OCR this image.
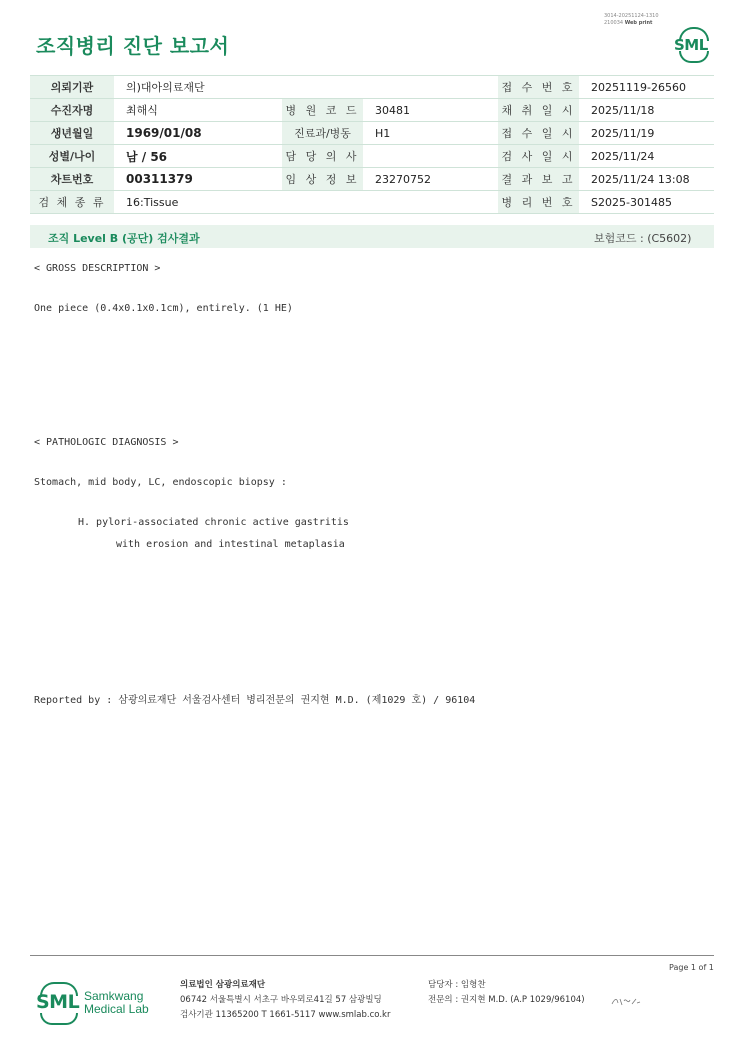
조직병리 진단 보고서
3014-20251124-1310
210034 Web print
SML
의뢰기관	의)대아의료재단			접 수 번 호	20251119-26560
수진자명	최해식	병 원 코 드	30481	채 취 일 시	2025/11/18
생년월일	1969/01/08	진료과/병동	H1	접 수 일 시	2025/11/19
성별/나이	남 / 56	담 당 의 사		검 사 일 시	2025/11/24
차트번호	00311379	임 상 정 보	23270752	결 과 보 고	2025/11/24 13:08
검 체 종 류	16:Tissue			병 리 번 호	S2025-301485
조직 Level B (공단) 검사결과	보험코드 : (C5602)
< GROSS DESCRIPTION >
One piece (0.4x0.1x0.1cm), entirely. (1 HE)
< PATHOLOGIC DIAGNOSIS >
Stomach, mid body, LC, endoscopic biopsy :
H. pylori-associated chronic active gastritis
with erosion and intestinal metaplasia
Reported by : 삼광의료재단 서울검사센터 병리전문의 권지현 M.D. (제1029 호) / 96104
Page 1 of 1
SML Samkwang
Medical Lab
의료법인 삼광의료재단
06742 서울특별시 서초구 바우뫼로41길 57 삼광빌딩
검사기관 11365200 T 1661-5117 www.smlab.co.kr
담당자 : 임형찬
전문의 : 권지현 M.D. (A.P 1029/96104)
